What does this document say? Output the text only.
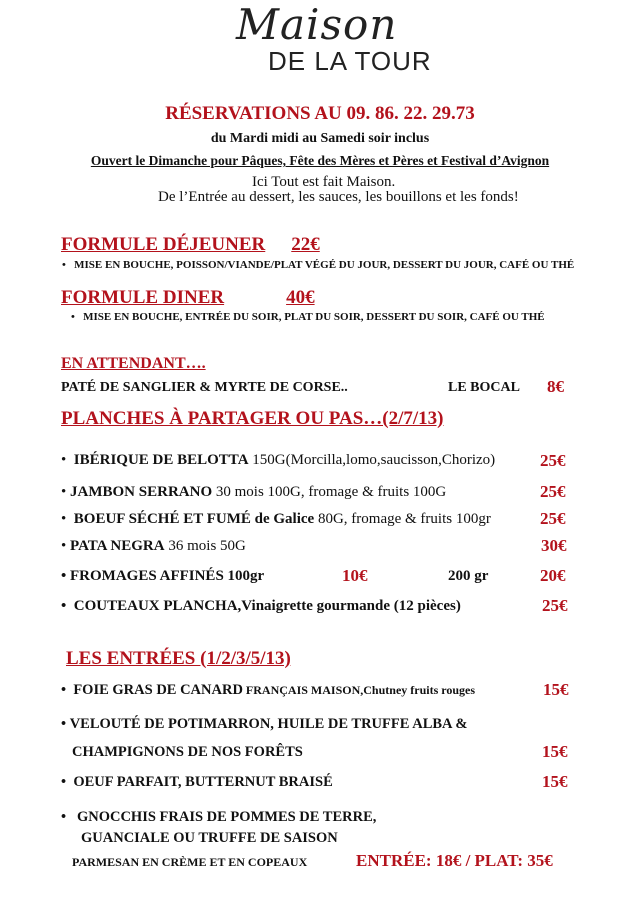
Maison
DE LA TOUR
RÉSERVATIONS AU 09. 86. 22. 29.73
du Mardi midi au Samedi soir inclus
Ouvert le Dimanche pour Pâques, Fête des Mères et Pères et Festival d’Avignon
Ici Tout est fait Maison.
De l’Entrée au dessert, les sauces, les bouillons et les fonds!
FORMULE DÉJEUNER 22€
•   MISE EN BOUCHE, POISSON/VIANDE/PLAT VÉGÉ DU JOUR, DESSERT DU JOUR, CAFÉ OU THÉ
FORMULE DINER	40€
•   MISE EN BOUCHE, ENTRÉE DU SOIR, PLAT DU SOIR, DESSERT DU SOIR, CAFÉ OU THÉ
EN ATTENDANT….
PATÉ DE SANGLIER & MYRTE DE CORSE..	LE BOCAL 8€
PLANCHES À PARTAGER OU PAS…(2/7/13)
•  IBÉRIQUE DE BELOTTA 150G(Morcilla,lomo,saucisson,Chorizo)	25€
• JAMBON SERRANO 30 mois 100G, fromage & fruits 100G	25€
•  BOEUF SÉCHÉ ET FUMÉ de Galice 80G, fromage & fruits 100gr	25€
• PATA NEGRA 36 mois 50G	30€
• FROMAGES AFFINÉS 100gr	10€	200 gr	20€
•  COUTEAUX PLANCHA,Vinaigrette gourmande (12 pièces)	25€
LES ENTRÉES (1/2/3/5/13)
•  FOIE GRAS DE CANARD FRANÇAIS MAISON,Chutney fruits rouges	15€
• VELOUTÉ DE POTIMARRON, HUILE DE TRUFFE ALBA &
CHAMPIGNONS DE NOS FORÊTS	15€
•  OEUF PARFAIT, BUTTERNUT BRAISÉ	15€
•   GNOCCHIS FRAIS DE POMMES DE TERRE,
GUANCIALE OU TRUFFE DE SAISON
PARMESAN EN CRÈME ET EN COPEAUX	ENTRÉE: 18€ / PLAT: 35€
